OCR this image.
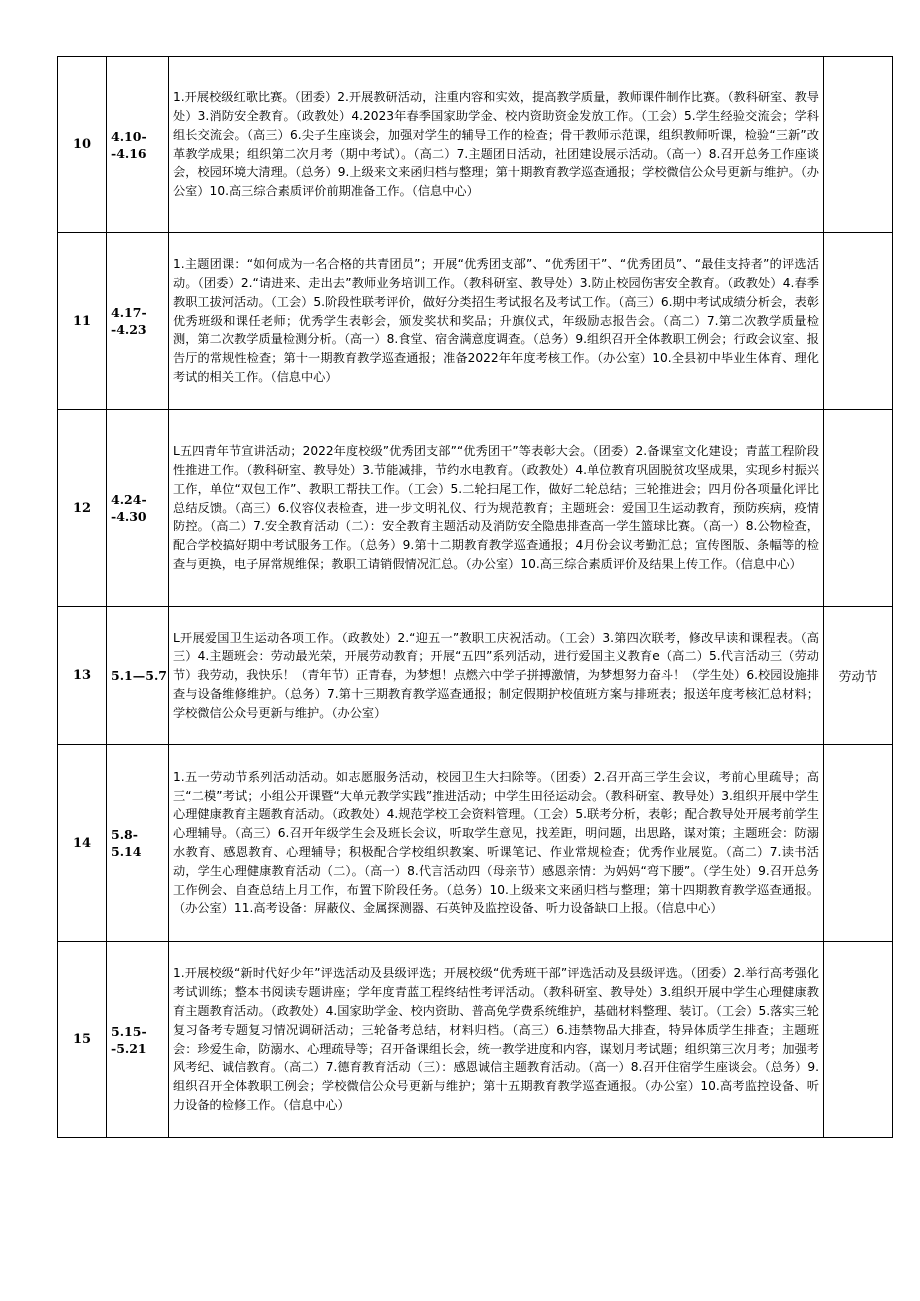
10	4.10--4.16	1.开展校级红歌比赛。（团委）2.开展教研活动，注重内容和实效，提高教学质量，教师课件制作比赛。（教科研室、教导处）3.消防安全教育。（政教处）4.2023年春季国家助学金、校内资助资金发放工作。（工会）5.学生经验交流会；学科组长交流会。（高三）6.尖子生座谈会，加强对学生的辅导工作的检查；骨干教师示范课，组织教师听课，检验“三新”改革教学成果；组织第二次月考（期中考试）。（高二）7.主题团日活动，社团建设展示活动。（高一）8.召开总务工作座谈会，校园环境大清理。（总务）9.上级来文来函归档与整理；第十期教育教学巡查通报；学校微信公众号更新与维护。（办公室）10.高三综合素质评价前期准备工作。（信息中心）	
11	4.17--4.23	1.主题团课：“如何成为一名合格的共青团员”；开展“优秀团支部”、“优秀团干”、“优秀团员”、“最佳支持者”的评选活动。（团委）2.“请进来、走出去”教师业务培训工作。（教科研室、教导处）3.防止校园伤害安全教育。（政教处）4.春季教职工拔河活动。（工会）5.阶段性联考评价，做好分类招生考试报名及考试工作。（高三）6.期中考试成绩分析会，表彰优秀班级和课任老师；优秀学生表彰会，颁发奖状和奖品；升旗仪式，年级励志报告会。（高二）7.第二次教学质量检测，第二次教学质量检测分析。（高一）8.食堂、宿舍满意度调查。（总务）9.组织召开全体教职工例会；行政会议室、报告厅的常规性检查；第十一期教育教学巡查通报；准备2022年年度考核工作。（办公室）10.全县初中毕业生体育、理化考试的相关工作。（信息中心）	
12	4.24--4.30	L五四青年节宣讲活动；2022年度校级”优秀团支部”“优秀团干”等表彰大会。（团委）2.备课室文化建设；青蓝工程阶段性推进工作。（教科研室、教导处）3.节能减排，节约水电教育。（政教处）4.单位教育巩固脱贫攻坚成果，实现乡村振兴工作，单位“双包工作”、教职工帮扶工作。（工会）5.二轮扫尾工作，做好二轮总结；三轮推进会；四月份各项量化评比总结反馈。（高三）6.仪容仪表检查，进一步文明礼仪、行为规范教育；主题班会：爱国卫生运动教育，预防疾病，疫情防控。（高二）7.安全教育活动（二）：安全教育主题活动及消防安全隐患排查高一学生篮球比赛。（高一）8.公物检查，配合学校搞好期中考试服务工作。（总务）9.第十二期教育教学巡查通报；4月份会议考勤汇总；宣传图版、条幅等的检查与更换，电子屏常规维保；教职工请销假情况汇总。（办公室）10.高三综合素质评价及结果上传工作。（信息中心）	
13	5.1—5.7	L开展爱国卫生运动各项工作。（政教处）2.“迎五一”教职工庆祝活动。（工会）3.第四次联考，修改早读和课程表。（高三）4.主题班会：劳动最光荣，开展劳动教育；开展“五四”系列活动，进行爱国主义教育e（高二）5.代言活动三（劳动节）我劳动，我快乐！（青年节）正青春，为梦想！点燃六中学子拼搏激情，为梦想努力奋斗！（学生处）6.校园设施排查与设备维修维护。（总务）7.第十三期教育教学巡查通报；制定假期护校值班方案与排班表；报送年度考核汇总材料；学校微信公众号更新与维护。（办公室）	劳动节
14	5.8-5.14	1.五一劳动节系列活动活动。如志愿服务活动，校园卫生大扫除等。（团委）2.召开高三学生会议，考前心里疏导；高三“二模”考试；小组公开课暨“大单元教学实践”推进活动；中学生田径运动会。（教科研室、教导处）3.组织开展中学生心理健康教育主题教育活动。（政教处）4.规范学校工会资料管理。（工会）5.联考分析，表彰；配合教导处开展考前学生心理辅导。（高三）6.召开年级学生会及班长会议，听取学生意见，找差距，明问题，出思路，谋对策；主题班会：防溺水教育、感恩教育、心理辅导；积极配合学校组织教案、听课笔记、作业常规检查；优秀作业展览。（高二）7.读书活动，学生心理健康教育活动（二）。（高一）8.代言活动四（母亲节）感恩亲情：为妈妈“弯下腰”。（学生处）9.召开总务工作例会、自查总结上月工作，布置下阶段任务。（总务）10.上级来文来函归档与整理；第十四期教育教学巡查通报。（办公室）11.高考设备：屏蔽仪、金属探测器、石英钟及监控设备、听力设备缺口上报。（信息中心）	
15	5.15--5.21	1.开展校级“新时代好少年”评选活动及县级评选；开展校级“优秀班干部”评选活动及县级评选。（团委）2.举行高考强化考试训练；整本书阅读专题讲座；学年度青蓝工程终结性考评活动。（教科研室、教导处）3.组织开展中学生心理健康教育主题教育活动。（政教处）4.国家助学金、校内资助、普高免学费系统维护，基础材料整理、装订。（工会）5.落实三轮复习备考专题复习情况调研活动；三轮备考总结，材料归档。（高三）6.违禁物品大排查，特异体质学生排查；主题班会：珍爱生命，防溺水、心理疏导等；召开备课组长会，统一教学进度和内容，谋划月考试题；组织第三次月考；加强考风考纪、诚信教育。（高二）7.德育教育活动（三）：感恩诚信主题教育活动。（高一）8.召开住宿学生座谈会。（总务）9.组织召开全体教职工例会；学校微信公众号更新与维护；第十五期教育教学巡查通报。（办公室）10.高考监控设备、听力设备的检修工作。（信息中心）	
